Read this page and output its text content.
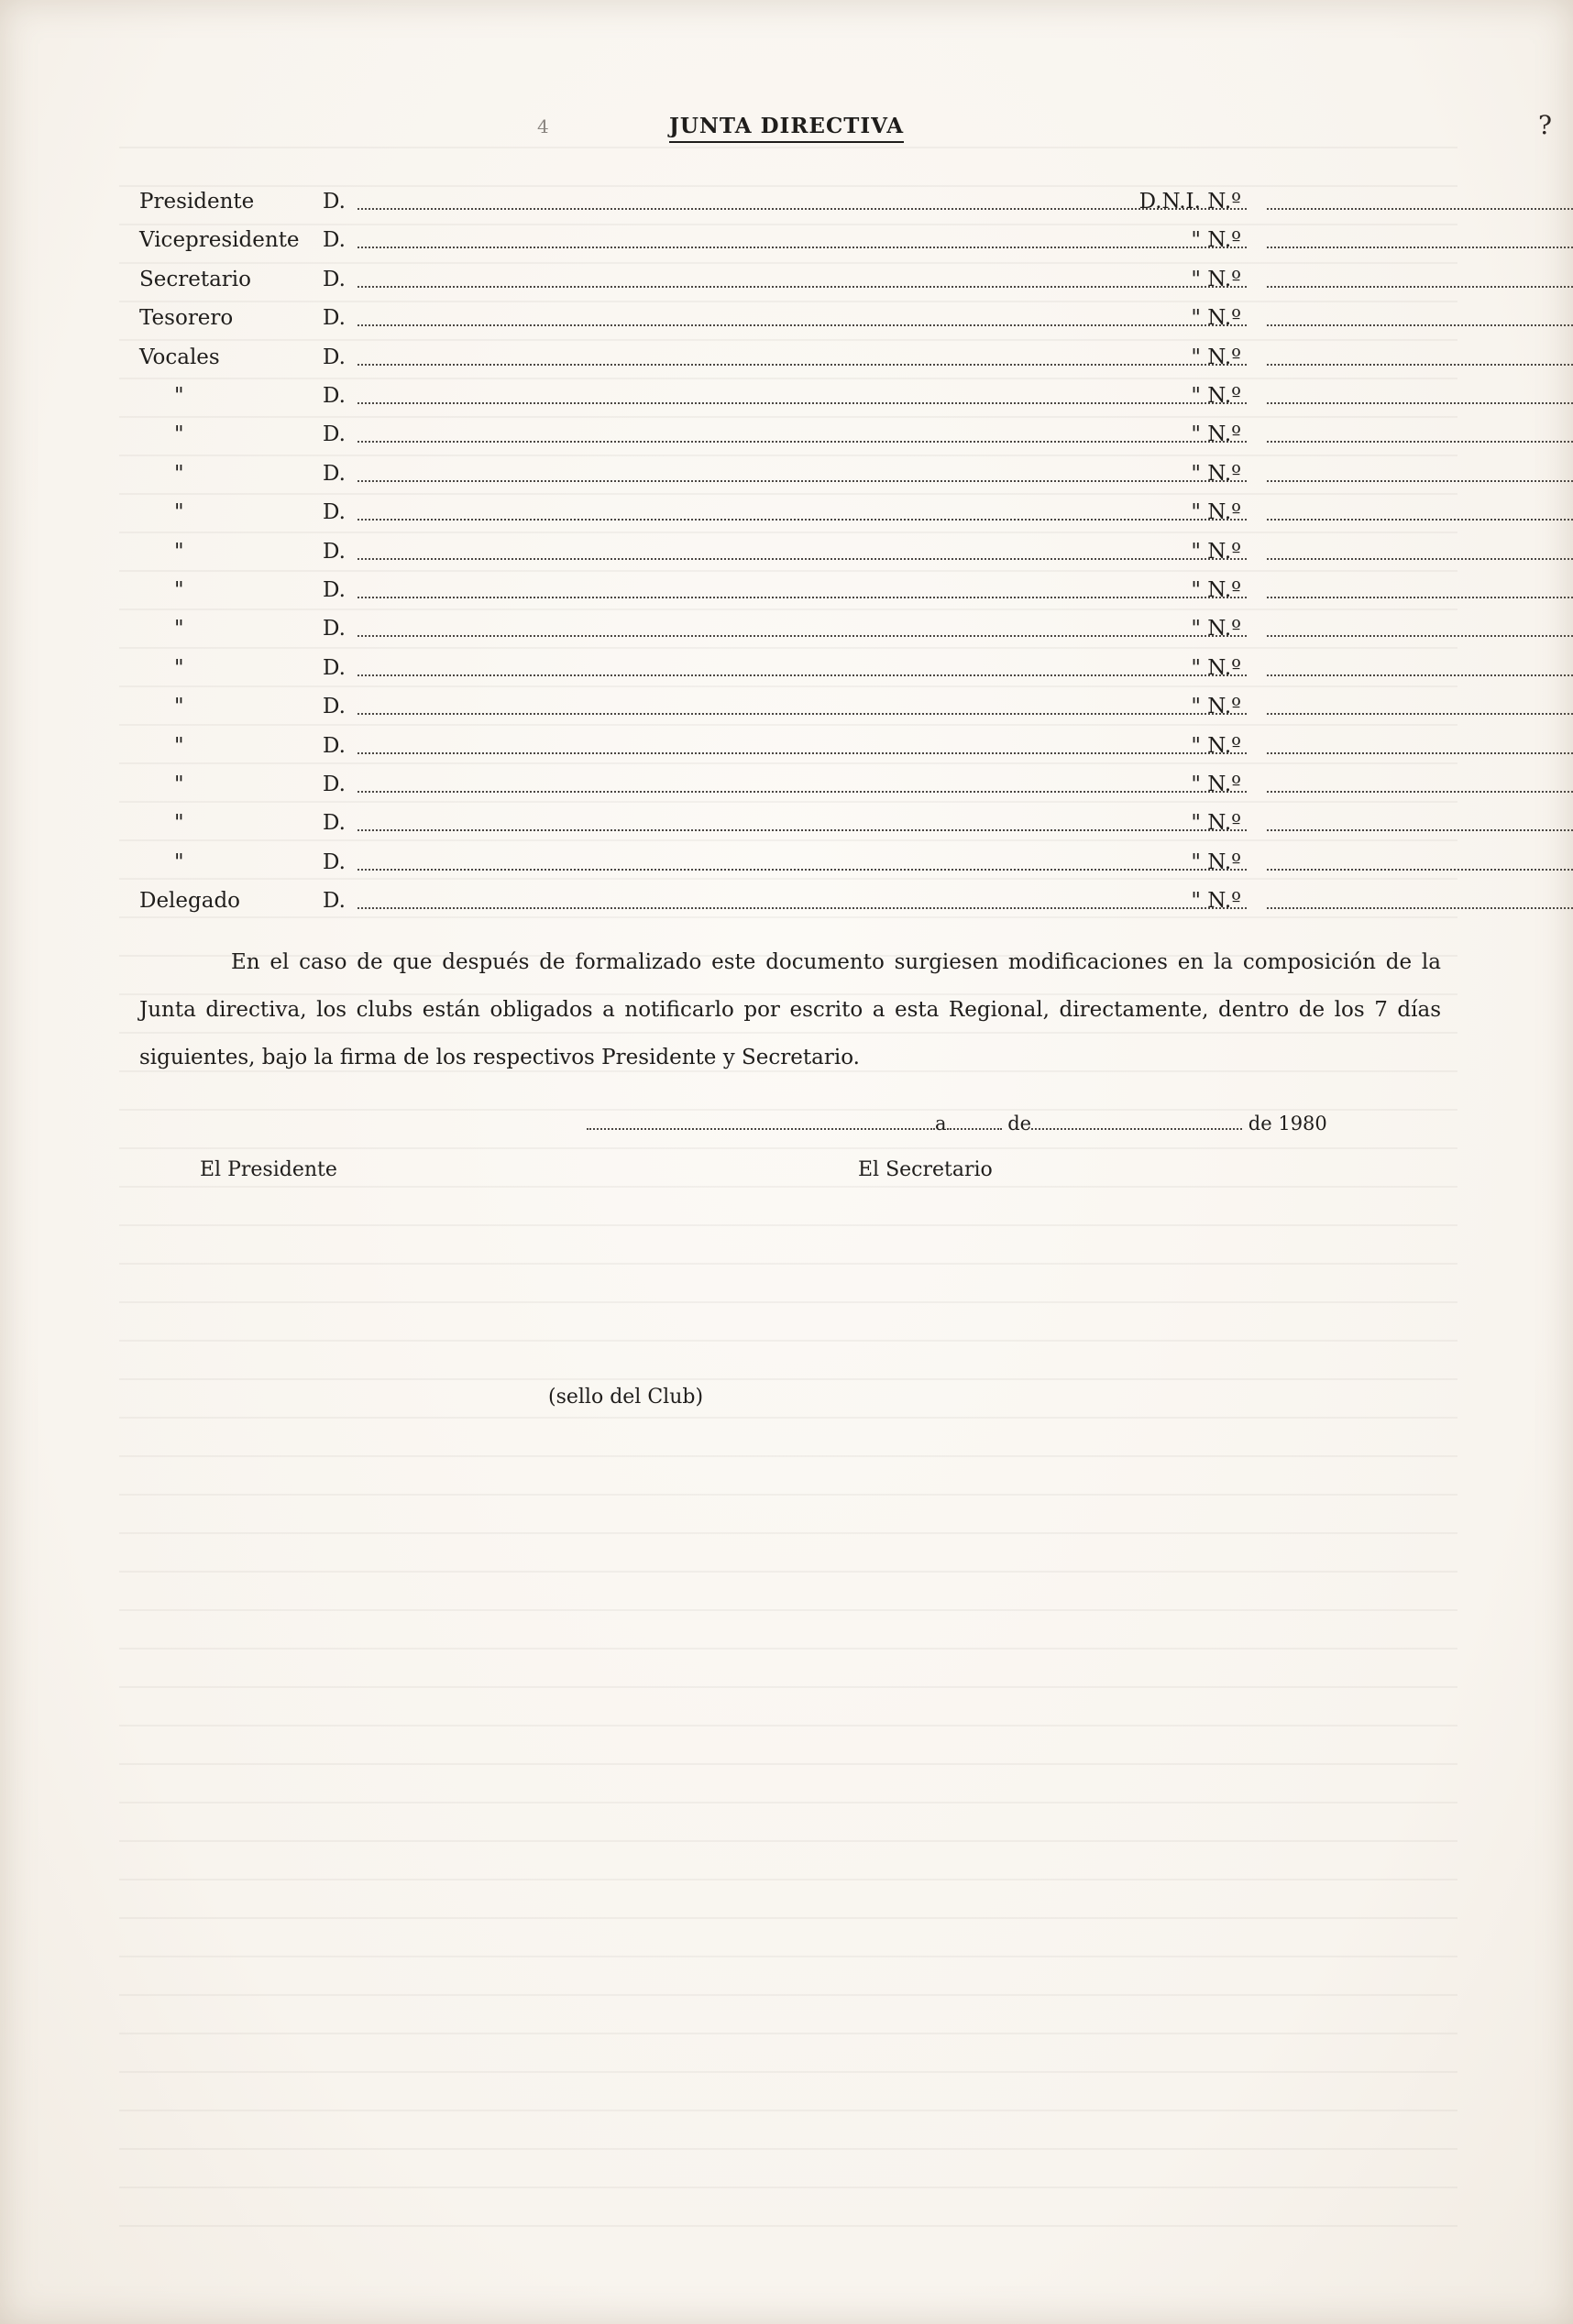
4	?
JUNTA DIRECTIVA
Presidente	D.	D.N.I. N.º
Vicepresidente	D.	" N.º
Secretario	D.	" N.º
Tesorero	D.	" N.º
Vocales	D.	" N.º
"	D.	" N.º
"	D.	" N.º
"	D.	" N.º
"	D.	" N.º
"	D.	" N.º
"	D.	" N.º
"	D.	" N.º
"	D.	" N.º
"	D.	" N.º
"	D.	" N.º
"	D.	" N.º
"	D.	" N.º
"	D.	" N.º
Delegado	D.	" N.º
En el caso de que después de formalizado este documento surgiesen modificaciones en la composición de la Junta directiva, los clubs están obligados a notificarlo por escrito a esta Regional, directamente, dentro de los 7 días siguientes, bajo la firma de los respectivos Presidente y Secretario.
a	de	de 1980
El Presidente	El Secretario
(sello del Club)
